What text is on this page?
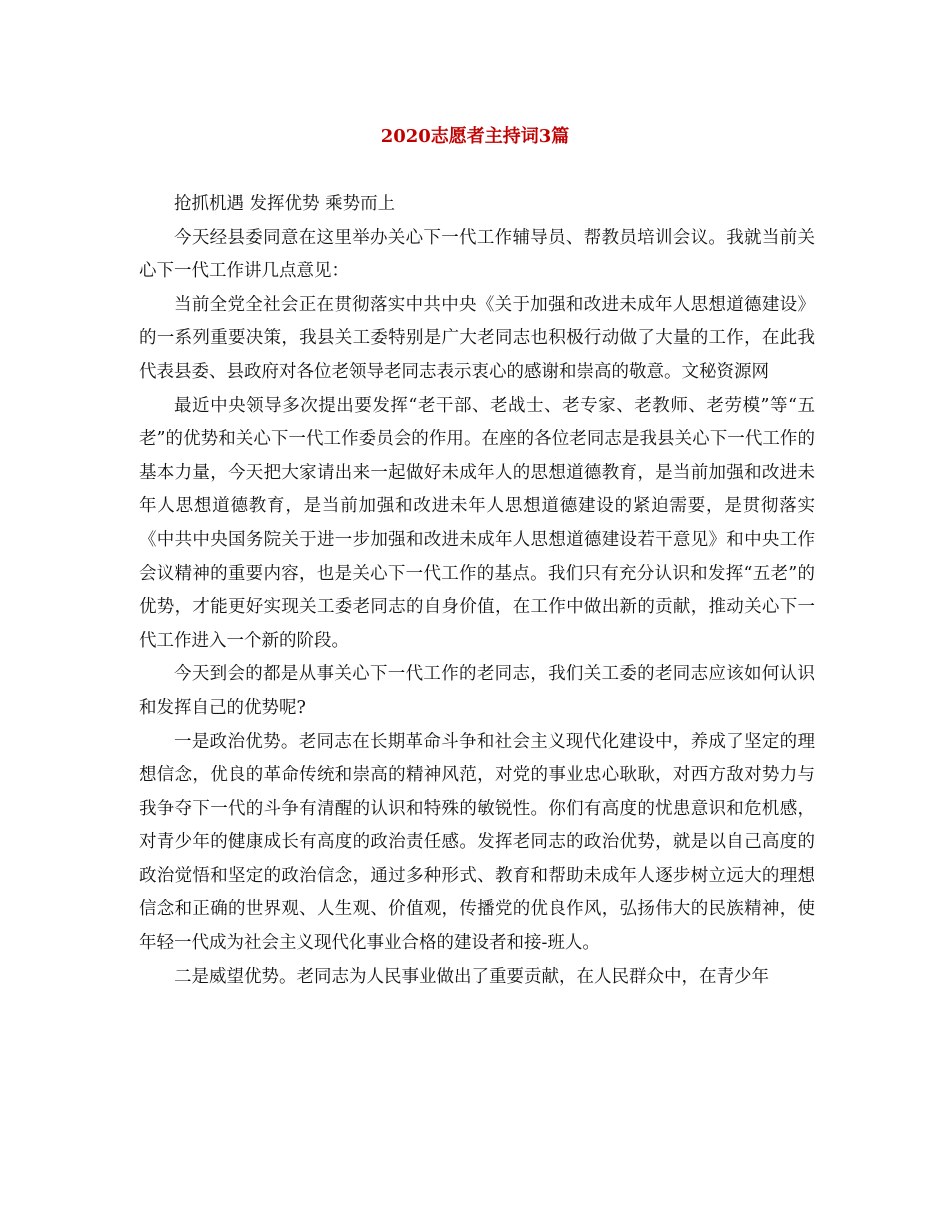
2020志愿者主持词3篇

抢抓机遇 发挥优势 乘势而上

今天经县委同意在这里举办关心下一代工作辅导员、帮教员培训会议。我就当前关心下一代工作讲几点意见：

当前全党全社会正在贯彻落实中共中央《关于加强和改进未成年人思想道德建设》的一系列重要决策，我县关工委特别是广大老同志也积极行动做了大量的工作，在此我代表县委、县政府对各位老领导老同志表示衷心的感谢和崇高的敬意。文秘资源网

最近中央领导多次提出要发挥“老干部、老战士、老专家、老教师、老劳模”等“五老”的优势和关心下一代工作委员会的作用。在座的各位老同志是我县关心下一代工作的基本力量，今天把大家请出来一起做好未成年人的思想道德教育，是当前加强和改进未年人思想道德教育，是当前加强和改进未年人思想道德建设的紧迫需要，是贯彻落实《中共中央国务院关于进一步加强和改进未成年人思想道德建设若干意见》和中央工作会议精神的重要内容，也是关心下一代工作的基点。我们只有充分认识和发挥“五老”的优势，才能更好实现关工委老同志的自身价值，在工作中做出新的贡献，推动关心下一代工作进入一个新的阶段。

今天到会的都是从事关心下一代工作的老同志，我们关工委的老同志应该如何认识和发挥自己的优势呢?

一是政治优势。老同志在长期革命斗争和社会主义现代化建设中，养成了坚定的理想信念，优良的革命传统和崇高的精神风范，对党的事业忠心耿耿，对西方敌对势力与我争夺下一代的斗争有清醒的认识和特殊的敏锐性。你们有高度的忧患意识和危机感，对青少年的健康成长有高度的政治责任感。发挥老同志的政治优势，就是以自己高度的政治觉悟和坚定的政治信念，通过多种形式、教育和帮助未成年人逐步树立远大的理想信念和正确的世界观、人生观、价值观，传播党的优良作风，弘扬伟大的民族精神，使年轻一代成为社会主义现代化事业合格的建设者和接-班人。

二是威望优势。老同志为人民事业做出了重要贡献，在人民群众中，在青少年
